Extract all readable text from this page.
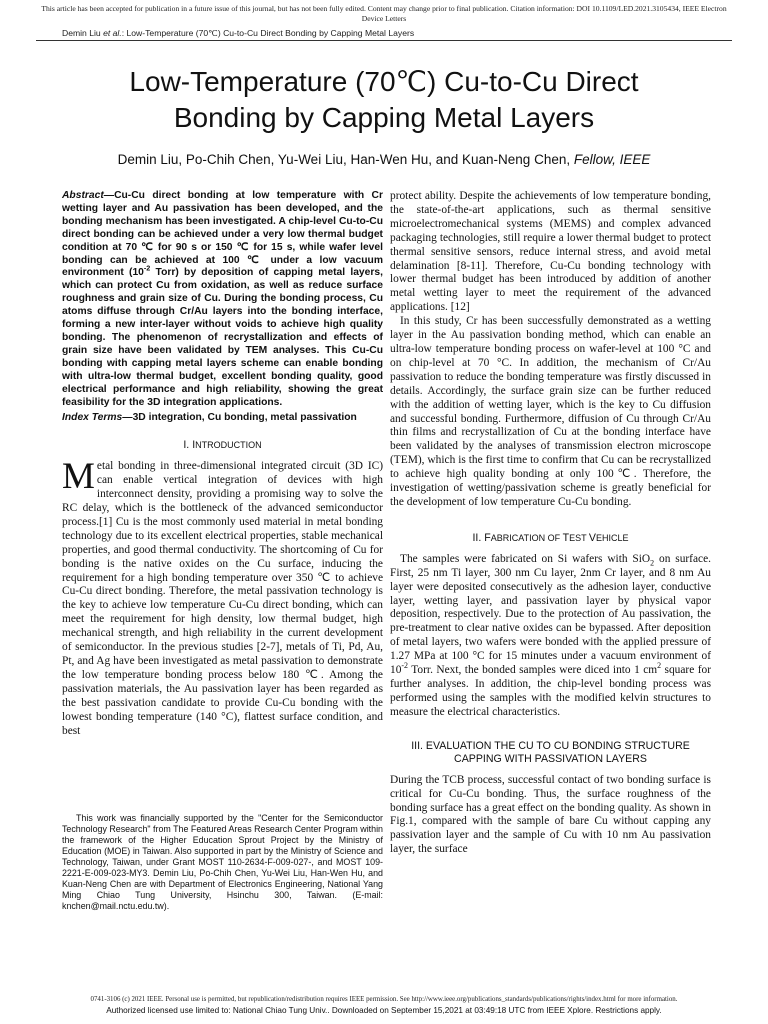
This article has been accepted for publication in a future issue of this journal, but has not been fully edited. Content may change prior to final publication. Citation information: DOI 10.1109/LED.2021.3105434, IEEE Electron
Device Letters
Demin Liu et al.: Low-Temperature (70℃) Cu-to-Cu Direct Bonding by Capping Metal Layers
Low-Temperature (70℃) Cu-to-Cu Direct
Bonding by Capping Metal Layers
Demin Liu, Po-Chih Chen, Yu-Wei Liu, Han-Wen Hu, and Kuan-Neng Chen, Fellow, IEEE

Abstract—Cu-Cu direct bonding at low temperature with Cr wetting layer and Au passivation has been developed, and the bonding mechanism has been investigated. A chip-level Cu-to-Cu direct bonding can be achieved under a very low thermal budget condition at 70 ℃ for 90 s or 150 ℃ for 15 s, while wafer level bonding can be achieved at 100 ℃ under a low vacuum environment ($10^{-2}$ Torr) by deposition of capping metal layers, which can protect Cu from oxidation, as well as reduce surface roughness and grain size of Cu. During the bonding process, Cu atoms diffuse through Cr/Au layers into the bonding interface, forming a new inter-layer without voids to achieve high quality bonding. The phenomenon of recrystallization and effects of grain size have been validated by TEM analyses. This Cu-Cu bonding with capping metal layers scheme can enable bonding with ultra-low thermal budget, excellent bonding quality, good electrical performance and high reliability, showing the great feasibility for the 3D integration applications.

Index Terms—3D integration, Cu bonding, metal passivation

I. INTRODUCTION

Metal bonding in three-dimensional integrated circuit (3D IC) can enable vertical integration of devices with high interconnect density, providing a promising way to solve the RC delay, which is the bottleneck of the advanced semiconductor process.[1] Cu is the most commonly used material in metal bonding technology due to its excellent electrical properties, stable mechanical properties, and good thermal conductivity. The shortcoming of Cu for bonding is the native oxides on the Cu surface, inducing the requirement for a high bonding temperature over 350 ℃ to achieve Cu-Cu direct bonding. Therefore, the metal passivation technology is the key to achieve low temperature Cu-Cu direct bonding, which can meet the requirement for high density, low thermal budget, high mechanical strength, and high reliability in the current development of semiconductor. In the previous studies [2-7], metals of Ti, Pd, Au, Pt, and Ag have been investigated as metal passivation to demonstrate the low temperature bonding process below 180 ℃. Among the passivation materials, the Au passivation layer has been regarded as the best passivation candidate to provide Cu-Cu bonding with the lowest bonding temperature (140 °C), flattest surface condition, and best

This work was financially supported by the "Center for the Semiconductor Technology Research" from The Featured Areas Research Center Program within the framework of the Higher Education Sprout Project by the Ministry of Education (MOE) in Taiwan. Also supported in part by the Ministry of Science and Technology, Taiwan, under Grant MOST 110-2634-F-009-027-, and MOST 109-2221-E-009-023-MY3. Demin Liu, Po-Chih Chen, Yu-Wei Liu, Han-Wen Hu, and Kuan-Neng Chen are with Department of Electronics Engineering, National Yang Ming Chiao Tung University, Hsinchu 300, Taiwan. (E-mail: knchen@mail.nctu.edu.tw).

protect ability. Despite the achievements of low temperature bonding, the state-of-the-art applications, such as thermal sensitive microelectromechanical systems (MEMS) and complex advanced packaging technologies, still require a lower thermal budget to protect thermal sensitive sensors, reduce internal stress, and avoid metal delamination [8-11]. Therefore, Cu-Cu bonding technology with lower thermal budget has been introduced by addition of another metal wetting layer to meet the requirement of the advanced applications. [12]

In this study, Cr has been successfully demonstrated as a wetting layer in the Au passivation bonding method, which can enable an ultra-low temperature bonding process on wafer-level at 100 °C and on chip-level at 70 °C. In addition, the mechanism of Cr/Au passivation to reduce the bonding temperature was firstly discussed in details. Accordingly, the surface grain size can be further reduced with the addition of wetting layer, which is the key to Cu diffusion and successful bonding. Furthermore, diffusion of Cu through Cr/Au thin films and recrystallization of Cu at the bonding interface have been validated by the analyses of transmission electron microscope (TEM), which is the first time to confirm that Cu can be recrystallized to achieve high quality bonding at only 100℃. Therefore, the investigation of wetting/passivation scheme is greatly beneficial for the development of low temperature Cu-Cu bonding.

II. FABRICATION OF TEST VEHICLE

The samples were fabricated on Si wafers with SiO$_2$ on surface. First, 25 nm Ti layer, 300 nm Cu layer, 2nm Cr layer, and 8 nm Au layer were deposited consecutively as the adhesion layer, conductive layer, wetting layer, and passivation layer by physical vapor deposition, respectively. Due to the protection of Au passivation, the pre-treatment to clear native oxides can be bypassed. After deposition of metal layers, two wafers were bonded with the applied pressure of 1.27 MPa at 100 °C for 15 minutes under a vacuum environment of $10^{-2}$ Torr. Next, the bonded samples were diced into 1 $cm^2$ square for further analyses. In addition, the chip-level bonding process was performed using the samples with the modified kelvin structures to measure the electrical characteristics.

III. EVALUATION THE CU TO CU BONDING STRUCTURE
CAPPING WITH PASSIVATION LAYERS

During the TCB process, successful contact of two bonding surface is critical for Cu-Cu bonding. Thus, the surface roughness of the bonding surface has a great effect on the bonding quality. As shown in Fig.1, compared with the sample of bare Cu without capping any passivation layer and the sample of Cu with 10 nm Au passivation layer, the surface

0741-3106 (c) 2021 IEEE. Personal use is permitted, but republication/redistribution requires IEEE permission. See http://www.ieee.org/publications_standards/publications/rights/index.html for more information.
Authorized licensed use limited to: National Chiao Tung Univ.. Downloaded on September 15,2021 at 03:49:18 UTC from IEEE Xplore. Restrictions apply.
